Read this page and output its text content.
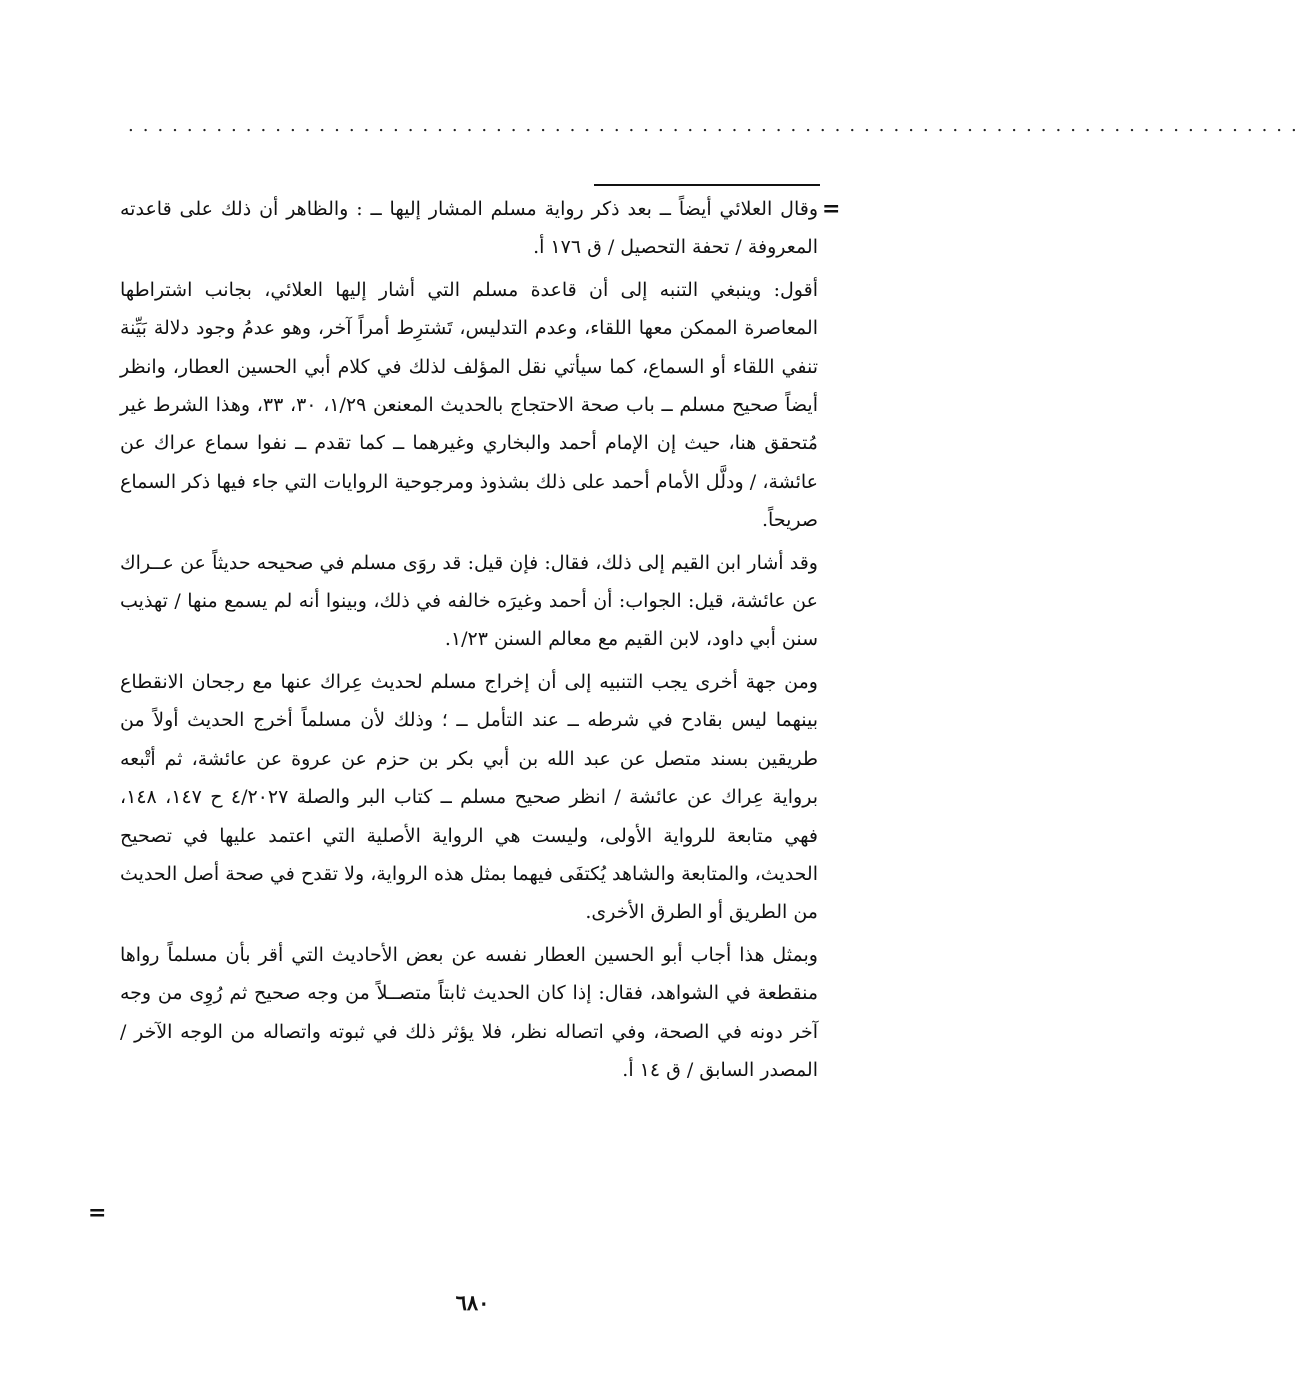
................................................................................
=

وقال العلائي أيضاً ــ بعد ذكر رواية مسلم المشار إليها ــ : والظاهر أن ذلك على قاعدته المعروفة / تحفة التحصيل / ق ١٧٦ أ.

أقول: وينبغي التنبه إلى أن قاعدة مسلم التي أشار إليها العلائي، بجانب اشتراطها المعاصرة الممكن معها اللقاء، وعدم التدليس، تَشترِط أمراً آخر، وهو عدمُ وجود دلالة بَيِّنة تنفي اللقاء أو السماع، كما سيأتي نقل المؤلف لذلك في كلام أبي الحسين العطار، وانظر أيضاً صحيح مسلم ــ باب صحة الاحتجاج بالحديث المعنعن ١/٢٩، ٣٠، ٣٣، وهذا الشرط غير مُتحقق هنا، حيث إن الإمام أحمد والبخاري وغيرهما ــ كما تقدم ــ نفوا سماع عراك عن عائشة، / ودلَّل الأمام أحمد على ذلك بشذوذ ومرجوحية الروايات التي جاء فيها ذكر السماع صريحاً.

وقد أشار ابن القيم إلى ذلك، فقال: فإن قيل: قد روَى مسلم في صحيحه حديثاً عن عــراك عن عائشة، قيل: الجواب: أن أحمد وغيرَه خالفه في ذلك، وبينوا أنه لم يسمع منها / تهذيب سنن أبي داود، لابن القيم مع معالم السنن ١/٢٣.

ومن جهة أخرى يجب التنبيه إلى أن إخراج مسلم لحديث عِراك عنها مع رجحان الانقطاع بينهما ليس بقادح في شرطه ــ عند التأمل ــ ؛ وذلك لأن مسلماً أخرج الحديث أولاً من طريقين بسند متصل عن عبد الله بن أبي بكر بن حزم عن عروة عن عائشة، ثم أتْبعه برواية عِراك عن عائشة / انظر صحيح مسلم ــ كتاب البر والصلة ٤/٢٠٢٧ ح ١٤٧، ١٤٨، فهي متابعة للرواية الأولى، وليست هي الرواية الأصلية التي اعتمد عليها في تصحيح الحديث، والمتابعة والشاهد يُكتفَى فيهما بمثل هذه الرواية، ولا تقدح في صحة أصل الحديث من الطريق أو الطرق الأخرى.

وبمثل هذا أجاب أبو الحسين العطار نفسه عن بعض الأحاديث التي أقر بأن مسلماً رواها منقطعة في الشواهد، فقال: إذا كان الحديث ثابتاً متصــلاً من وجه صحيح ثم رُوِى من وجه آخر دونه في الصحة، وفي اتصاله نظر، فلا يؤثر ذلك في ثبوته واتصاله من الوجه الآخر / المصدر السابق / ق ١٤ أ.

=
٦٨٠
